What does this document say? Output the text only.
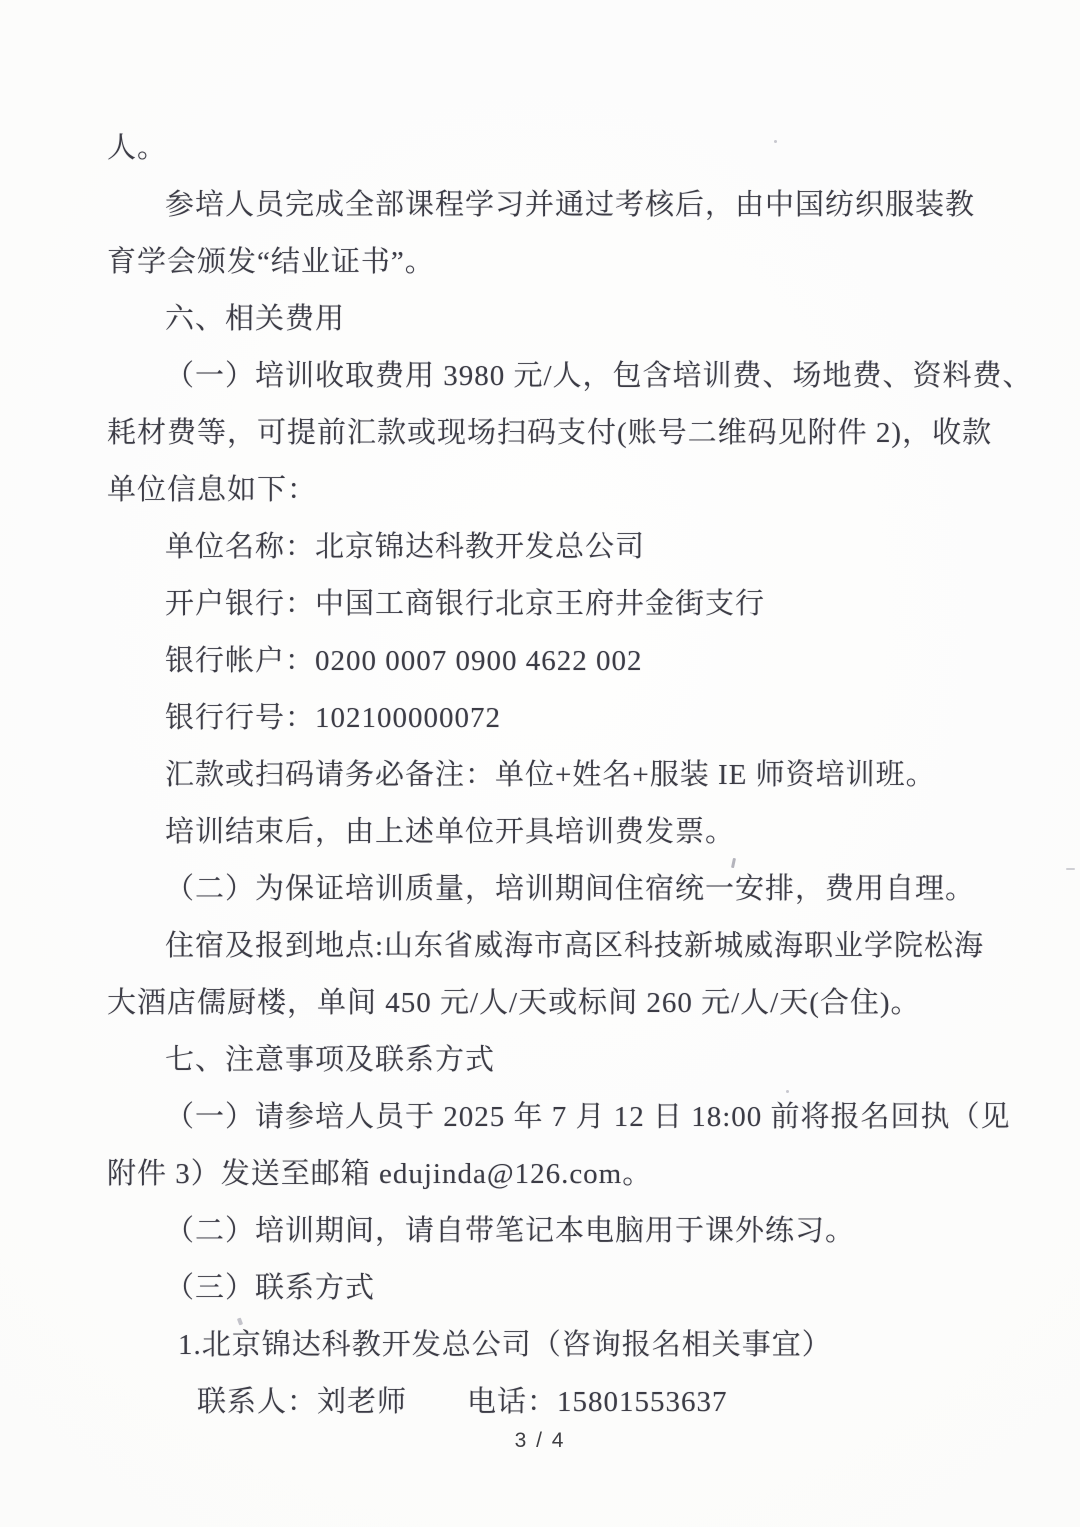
人。
参培人员完成全部课程学习并通过考核后，由中国纺织服装教
育学会颁发“结业证书”。
六、相关费用
（一）培训收取费用 3980 元/人，包含培训费、场地费、资料费、
耗材费等，可提前汇款或现场扫码支付(账号二维码见附件 2)，收款
单位信息如下：
单位名称：北京锦达科教开发总公司
开户银行：中国工商银行北京王府井金街支行
银行帐户：0200 0007 0900 4622 002
银行行号：102100000072
汇款或扫码请务必备注：单位+姓名+服装 IE 师资培训班。
培训结束后，由上述单位开具培训费发票。
（二）为保证培训质量，培训期间住宿统一安排，费用自理。
住宿及报到地点:山东省威海市高区科技新城威海职业学院松海
大酒店儒厨楼，单间 450 元/人/天或标间 260 元/人/天(合住)。
七、注意事项及联系方式
（一）请参培人员于 2025 年 7 月 12 日 18:00 前将报名回执（见
附件 3）发送至邮箱 edujinda@126.com。
（二）培训期间，请自带笔记本电脑用于课外练习。
（三）联系方式
1.北京锦达科教开发总公司（咨询报名相关事宜）
联系人：刘老师　　电话：15801553637
3 / 4
